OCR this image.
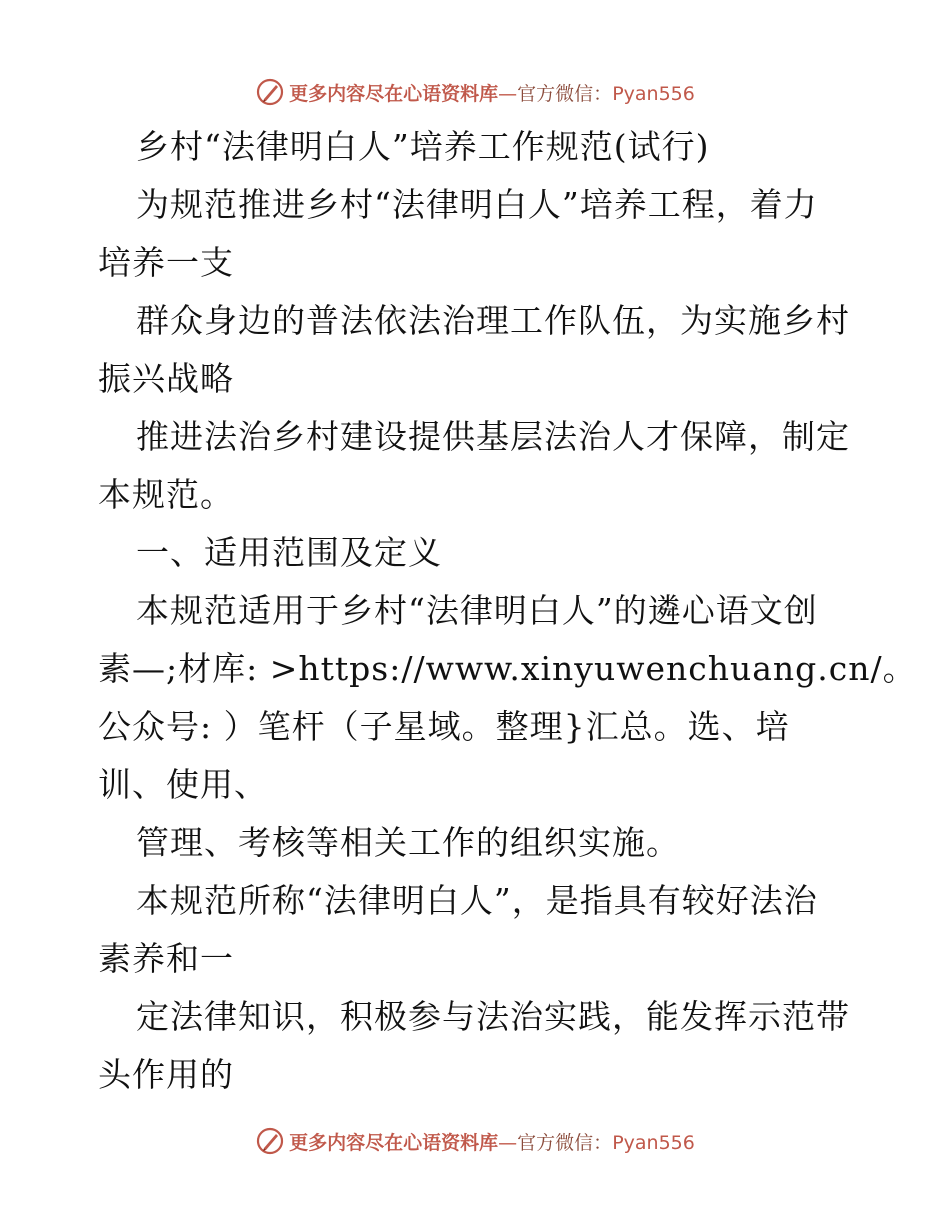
更多内容尽在心语资料库—官方微信：Pyan556
乡村“法律明白人”培养工作规范(试行)
为规范推进乡村“法律明白人”培养工程，着力
培养一支
群众身边的普法依法治理工作队伍，为实施乡村
振兴战略
推进法治乡村建设提供基层法治人才保障，制定
本规范。
一、适用范围及定义
本规范适用于乡村“法律明白人”的遴心语文创
素—;材库: >https://www.xinyuwenchuang.cn/。
公众号: ）笔杆（子星域。整理}汇总。选、培
训、使用、
管理、考核等相关工作的组织实施。
本规范所称“法律明白人”，是指具有较好法治
素养和一
定法律知识，积极参与法治实践，能发挥示范带
头作用的
更多内容尽在心语资料库—官方微信：Pyan556
